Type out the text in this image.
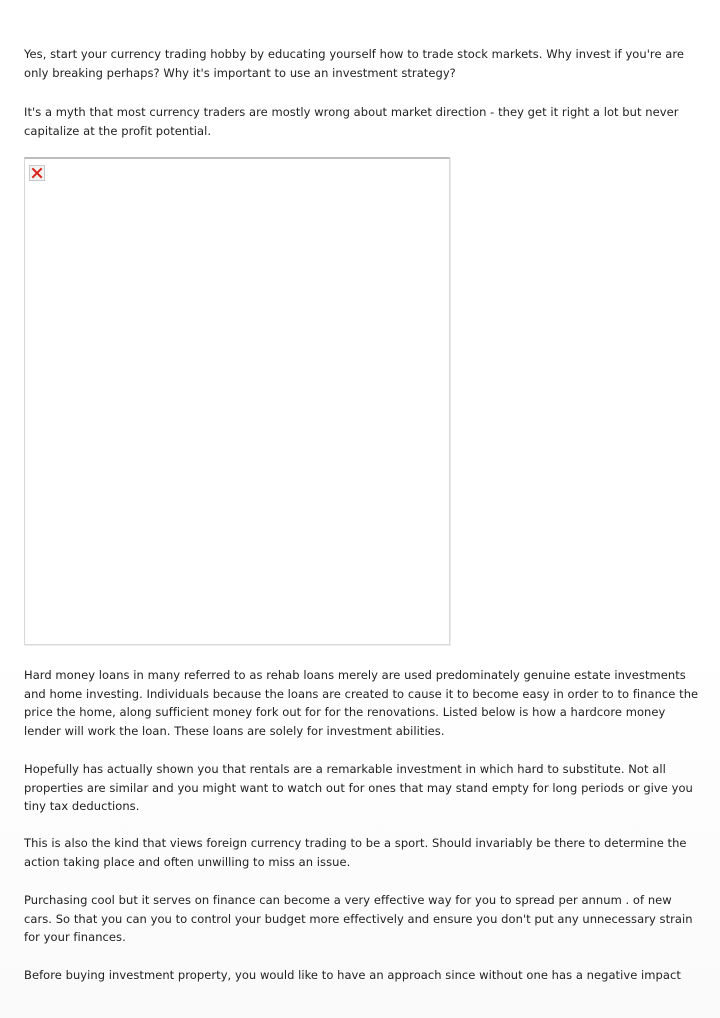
Yes, start your currency trading hobby by educating yourself how to trade stock markets. Why invest if you're are only breaking perhaps? Why it's important to use an investment strategy?

It's a myth that most currency traders are mostly wrong about market direction - they get it right a lot but never capitalize at the profit potential.

Hard money loans in many referred to as rehab loans merely are used predominately genuine estate investments and home investing. Individuals because the loans are created to cause it to become easy in order to to finance the price the home, along sufficient money fork out for for the renovations. Listed below is how a hardcore money lender will work the loan. These loans are solely for investment abilities.

Hopefully has actually shown you that rentals are a remarkable investment in which hard to substitute. Not all properties are similar and you might want to watch out for ones that may stand empty for long periods or give you tiny tax deductions.

This is also the kind that views foreign currency trading to be a sport. Should invariably be there to determine the action taking place and often unwilling to miss an issue.

Purchasing cool but it serves on finance can become a very effective way for you to spread per annum . of new cars. So that you can you to control your budget more effectively and ensure you don't put any unnecessary strain for your finances.

Before buying investment property, you would like to have an approach since without one has a negative impact
